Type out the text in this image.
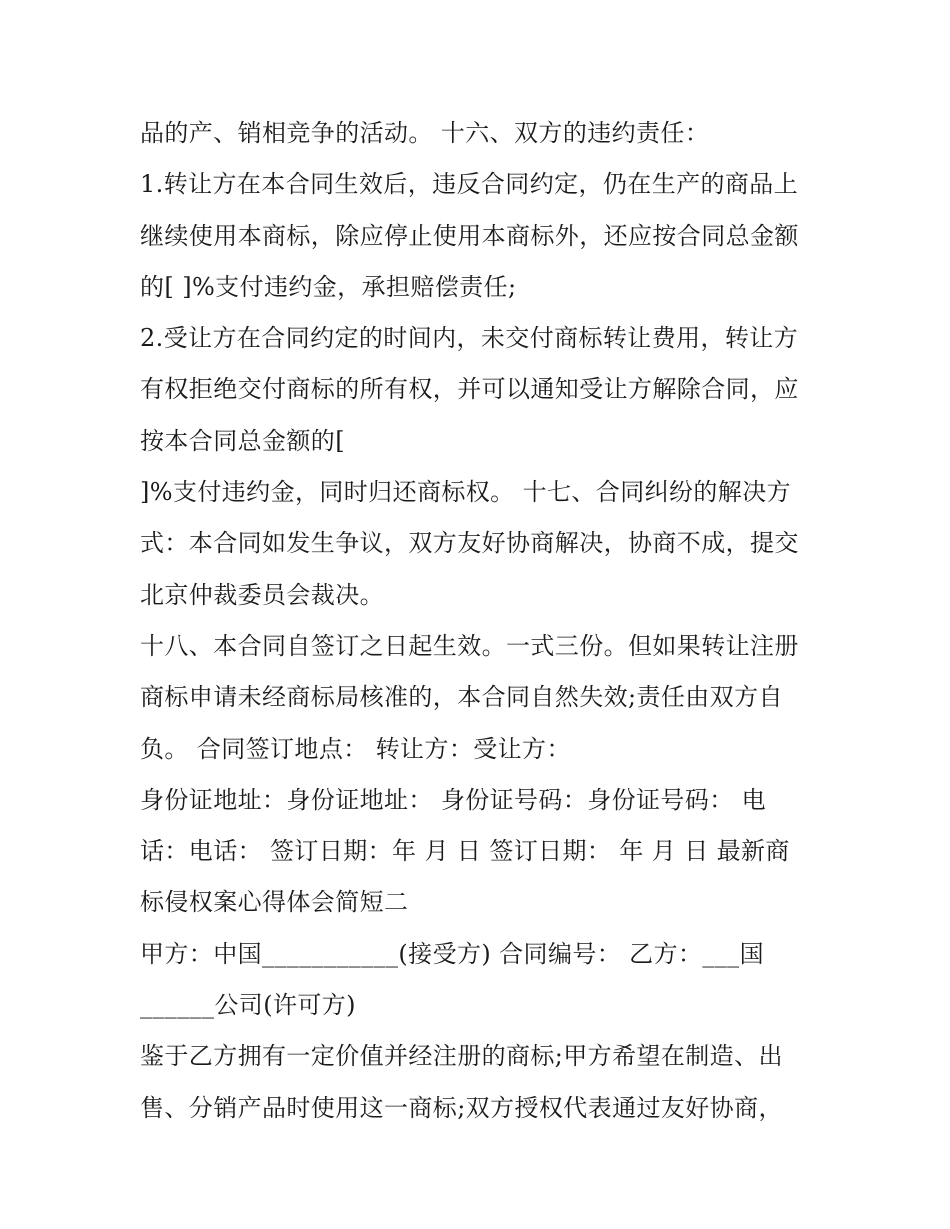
品的产、销相竞争的活动。 十六、双方的违约责任：
1.转让方在本合同生效后，违反合同约定，仍在生产的商品上
继续使用本商标，除应停止使用本商标外，还应按合同总金额
的[ ]%支付违约金，承担赔偿责任;
2.受让方在合同约定的时间内，未交付商标转让费用，转让方
有权拒绝交付商标的所有权，并可以通知受让方解除合同，应
按本合同总金额的[
]%支付违约金，同时归还商标权。 十七、合同纠纷的解决方
式：本合同如发生争议，双方友好协商解决，协商不成，提交
北京仲裁委员会裁决。
十八、本合同自签订之日起生效。一式三份。但如果转让注册
商标申请未经商标局核准的，本合同自然失效;责任由双方自
负。 合同签订地点： 转让方：受让方：
身份证地址：身份证地址： 身份证号码：身份证号码： 电
话：电话： 签订日期：年 月 日 签订日期： 年 月 日 最新商
标侵权案心得体会简短二
甲方：中国___________(接受方) 合同编号： 乙方：___国
______公司(许可方)
鉴于乙方拥有一定价值并经注册的商标;甲方希望在制造、出
售、分销产品时使用这一商标;双方授权代表通过友好协商，
